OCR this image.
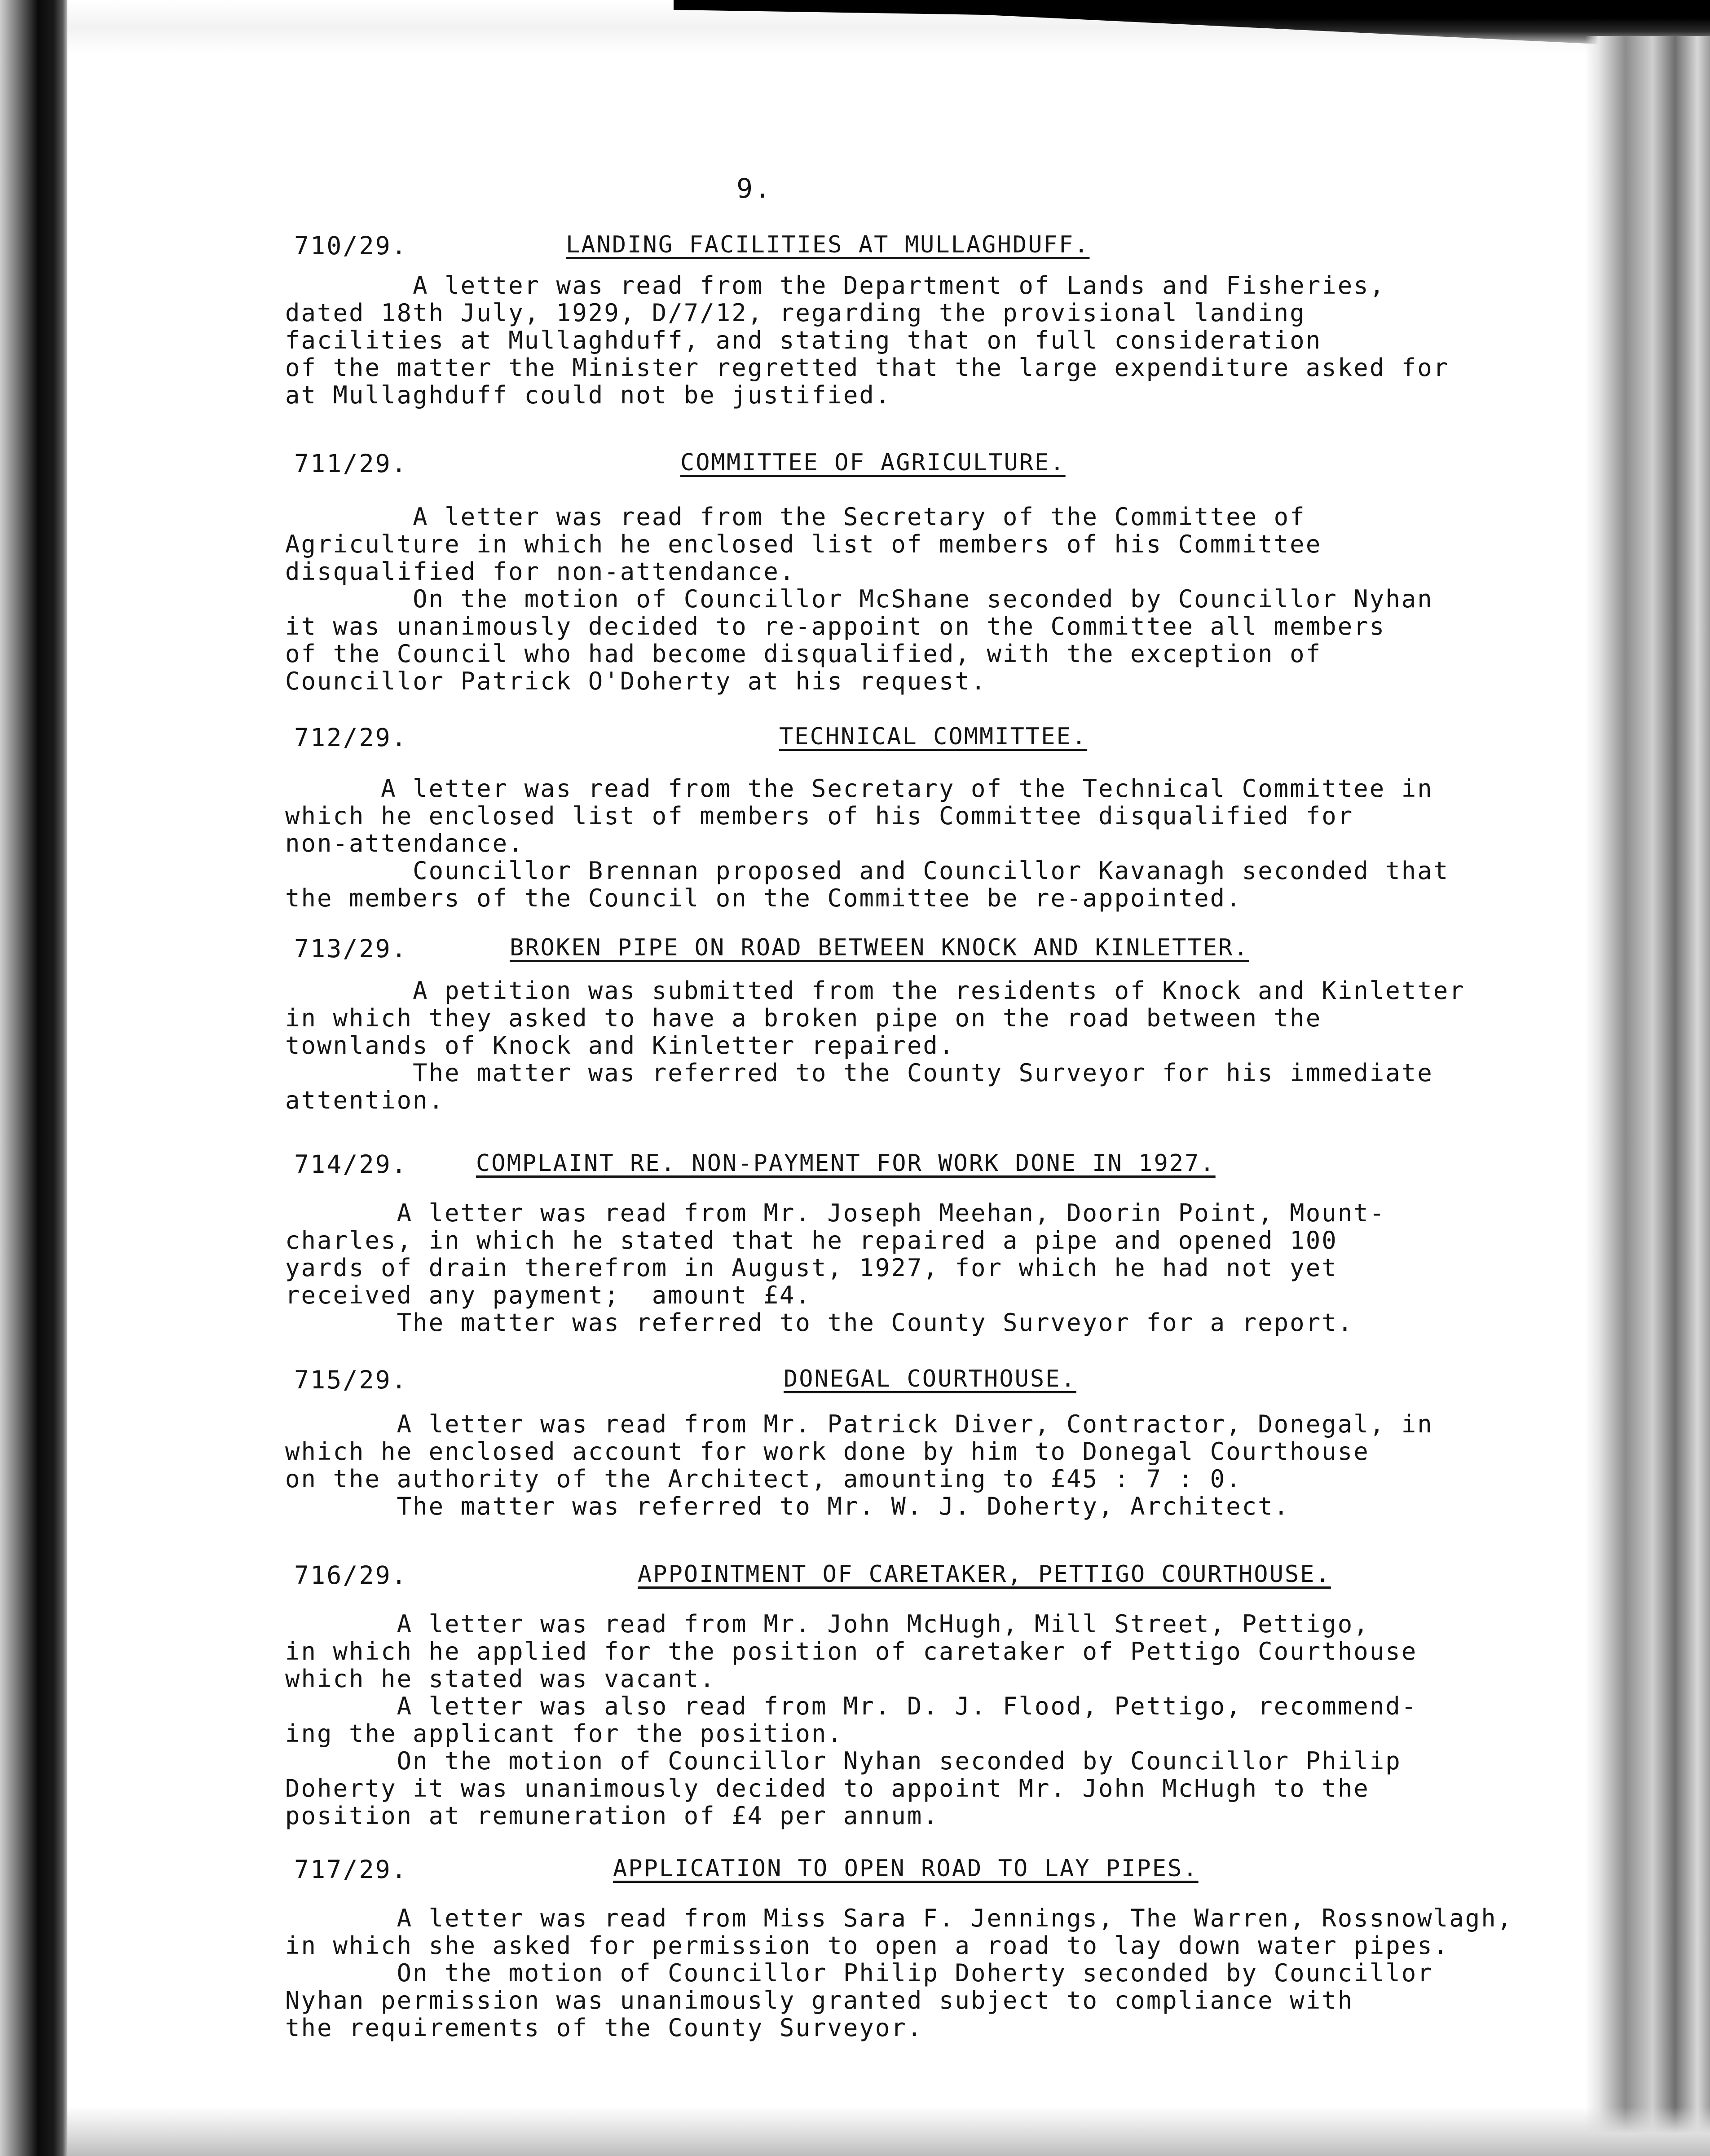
9.
710/29.	LANDING FACILITIES AT MULLAGHDUFF.

A letter was read from the Department of Lands and Fisheries,
dated 18th July, 1929, D/7/12, regarding the provisional landing
facilities at Mullaghduff, and stating that on full consideration
of the matter the Minister regretted that the large expenditure asked for
at Mullaghduff could not be justified.

711/29.	COMMITTEE OF AGRICULTURE.

A letter was read from the Secretary of the Committee of
Agriculture in which he enclosed list of members of his Committee
disqualified for non-attendance.
On the motion of Councillor McShane seconded by Councillor Nyhan
it was unanimously decided to re-appoint on the Committee all members
of the Council who had become disqualified, with the exception of
Councillor Patrick O'Doherty at his request.

712/29.	TECHNICAL COMMITTEE.

A letter was read from the Secretary of the Technical Committee in
which he enclosed list of members of his Committee disqualified for
non-attendance.
Councillor Brennan proposed and Councillor Kavanagh seconded that
the members of the Council on the Committee be re-appointed.

713/29.	BROKEN PIPE ON ROAD BETWEEN KNOCK AND KINLETTER.

A petition was submitted from the residents of Knock and Kinletter
in which they asked to have a broken pipe on the road between the
townlands of Knock and Kinletter repaired.
The matter was referred to the County Surveyor for his immediate
attention.

714/29.	COMPLAINT RE. NON-PAYMENT FOR WORK DONE IN 1927.

A letter was read from Mr. Joseph Meehan, Doorin Point, Mount-
charles, in which he stated that he repaired a pipe and opened 100
yards of drain therefrom in August, 1927, for which he had not yet
received any payment;  amount £4.
The matter was referred to the County Surveyor for a report.

715/29.	DONEGAL COURTHOUSE.

A letter was read from Mr. Patrick Diver, Contractor, Donegal, in
which he enclosed account for work done by him to Donegal Courthouse
on the authority of the Architect, amounting to £45 : 7 : 0.
The matter was referred to Mr. W. J. Doherty, Architect.

716/29.	APPOINTMENT OF CARETAKER, PETTIGO COURTHOUSE.

A letter was read from Mr. John McHugh, Mill Street, Pettigo,
in which he applied for the position of caretaker of Pettigo Courthouse
which he stated was vacant.
A letter was also read from Mr. D. J. Flood, Pettigo, recommend-
ing the applicant for the position.
On the motion of Councillor Nyhan seconded by Councillor Philip
Doherty it was unanimously decided to appoint Mr. John McHugh to the
position at remuneration of £4 per annum.

717/29.	APPLICATION TO OPEN ROAD TO LAY PIPES.

A letter was read from Miss Sara F. Jennings, The Warren, Rossnowlagh,
in which she asked for permission to open a road to lay down water pipes.
On the motion of Councillor Philip Doherty seconded by Councillor
Nyhan permission was unanimously granted subject to compliance with
the requirements of the County Surveyor.
